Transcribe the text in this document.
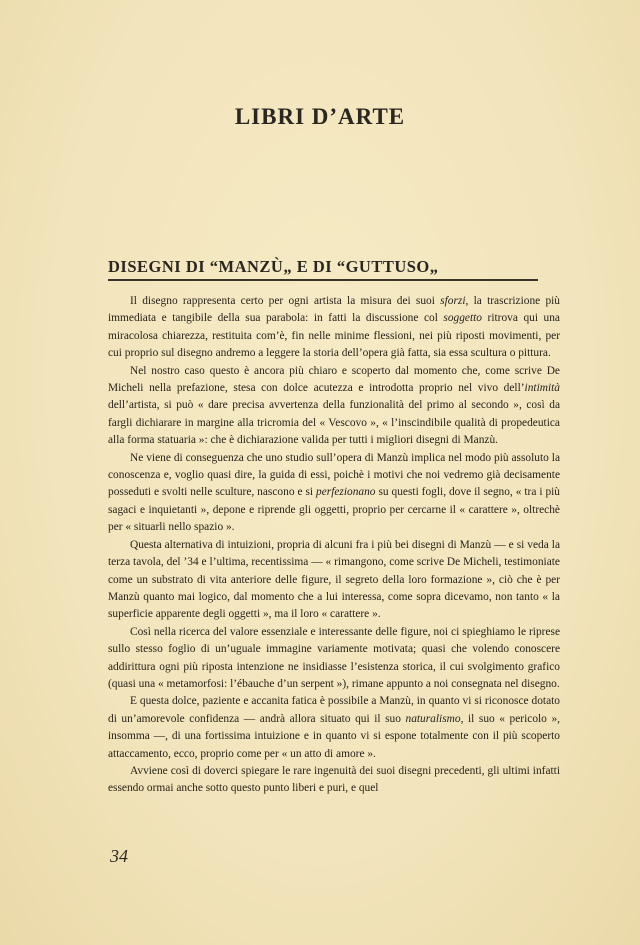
LIBRI D’ARTE
DISEGNI DI “MANZÙ„ E DI “GUTTUSO„

Il disegno rappresenta certo per ogni artista la misura dei suoi sforzi, la trascrizione più immediata e tangibile della sua parabola: in fatti la discussione col soggetto ritrova qui una miracolosa chiarezza, restituita com’è, fin nelle minime flessioni, nei più riposti movimenti, per cui proprio sul disegno andremo a leggere la storia dell’opera già fatta, sia essa scultura o pittura.

Nel nostro caso questo è ancora più chiaro e scoperto dal momento che, come scrive De Micheli nella prefazione, stesa con dolce acutezza e introdotta proprio nel vivo dell’intimità dell’artista, si può « dare precisa avvertenza della funzionalità del primo al secondo », così da fargli dichiarare in margine alla tricromia del « Vescovo », « l’inscindibile qualità di propedeutica alla forma statuaria »: che è dichiarazione valida per tutti i migliori disegni di Manzù.

Ne viene di conseguenza che uno studio sull’opera di Manzù implica nel modo più assoluto la conoscenza e, voglio quasi dire, la guida di essi, poichè i motivi che noi vedremo già decisamente posseduti e svolti nelle sculture, nascono e si perfezionano su questi fogli, dove il segno, « tra i più sagaci e inquietanti », depone e riprende gli oggetti, proprio per cercarne il « carattere », oltrechè per « situarli nello spazio ».

Questa alternativa di intuizioni, propria di alcuni fra i più bei disegni di Manzù — e si veda la terza tavola, del ’34 e l’ultima, recentissima — « rimangono, come scrive De Micheli, testimoniate come un substrato di vita anteriore delle figure, il segreto della loro formazione », ciò che è per Manzù quanto mai logico, dal momento che a lui interessa, come sopra dicevamo, non tanto « la superficie apparente degli oggetti », ma il loro « carattere ».

Così nella ricerca del valore essenziale e interessante delle figure, noi ci spieghiamo le riprese sullo stesso foglio di un’uguale immagine variamente motivata; quasi che volendo conoscere addirittura ogni più riposta intenzione ne insidiasse l’esistenza storica, il cui svolgimento grafico (quasi una « metamorfosi: l’ébauche d’un serpent »), rimane appunto a noi consegnata nel disegno.

E questa dolce, paziente e accanita fatica è possibile a Manzù, in quanto vi si riconosce dotato di un’amorevole confidenza — andrà allora situato qui il suo naturalismo, il suo « pericolo », insomma —, di una fortissima intuizione e in quanto vi si espone totalmente con il più scoperto attaccamento, ecco, proprio come per « un atto di amore ».

Avviene così di doverci spiegare le rare ingenuità dei suoi disegni precedenti, gli ultimi infatti essendo ormai anche sotto questo punto liberi e puri, e quel

34
